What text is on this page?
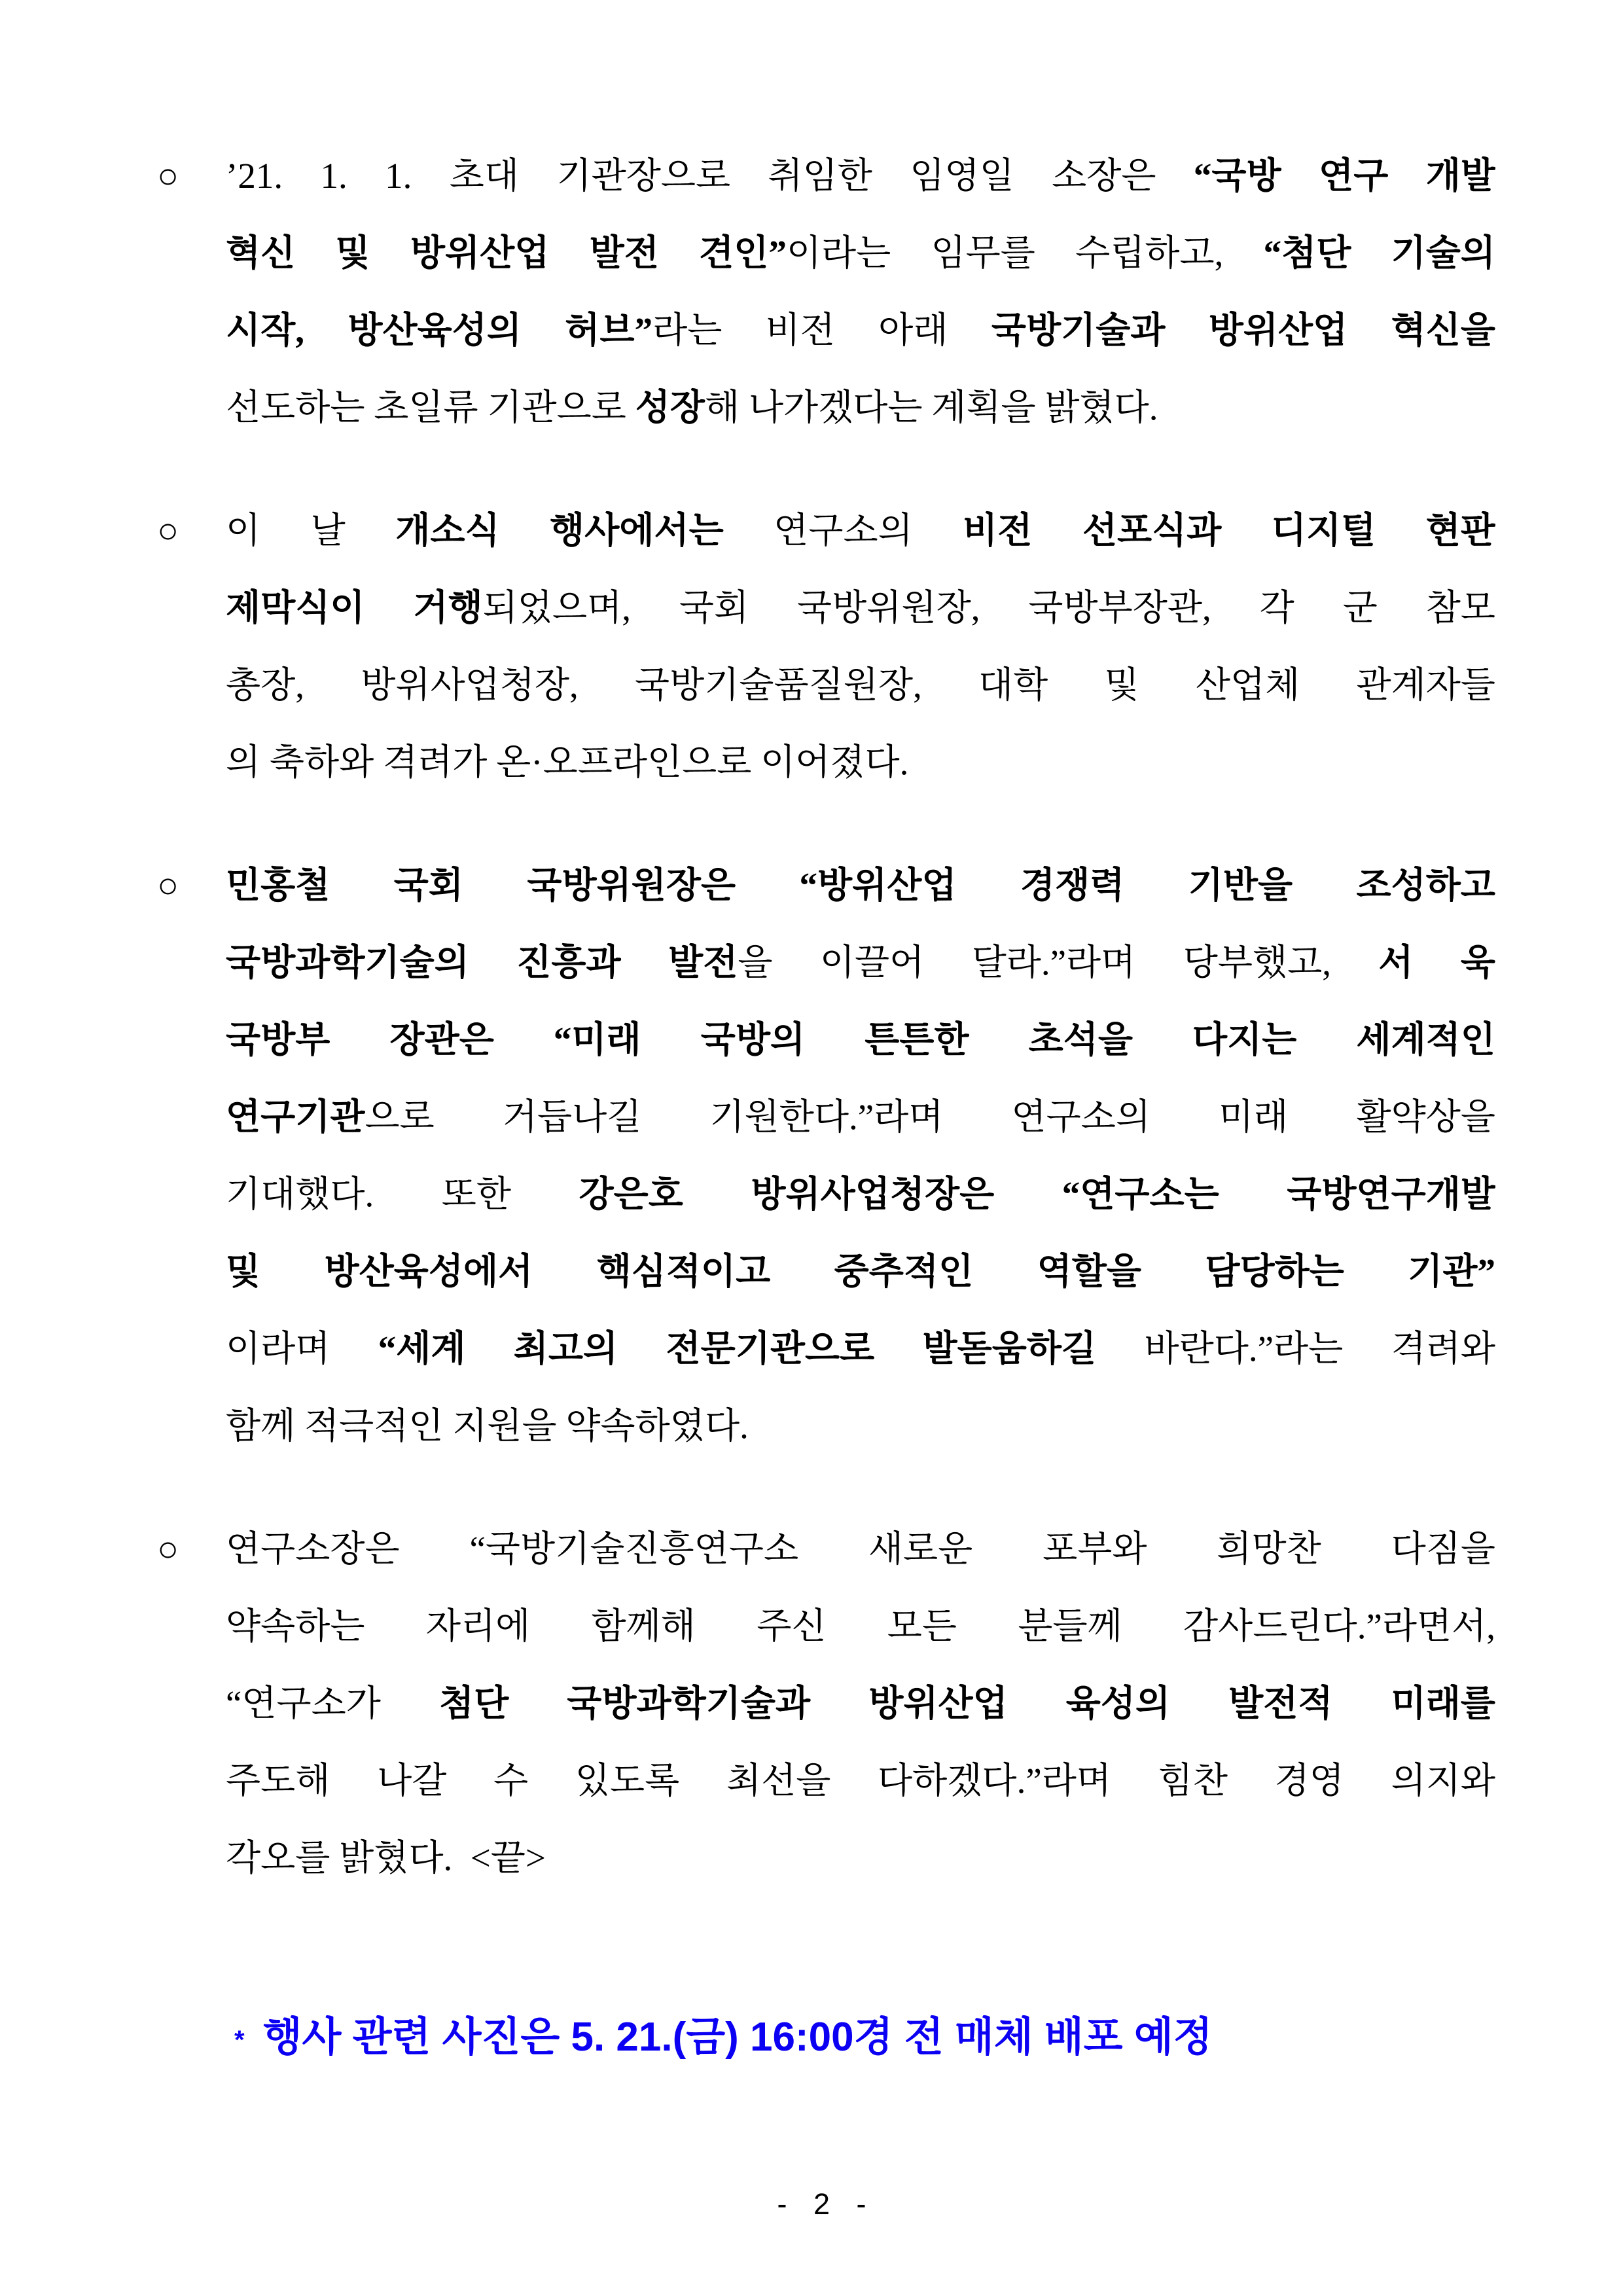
○	’21. 1. 1. 초대 기관장으로 취임한 임영일 소장은 “국방 연구 개발
혁신 및 방위산업 발전 견인”이라는 임무를 수립하고, “첨단 기술의
시작, 방산육성의 허브”라는 비전 아래 국방기술과 방위산업 혁신을
선도하는 초일류 기관으로 성장해 나가겠다는 계획을 밝혔다.
○	이 날 개소식 행사에서는 연구소의 비전 선포식과 디지털 현판
제막식이 거행되었으며, 국회 국방위원장, 국방부장관, 각 군 참모
총장, 방위사업청장, 국방기술품질원장, 대학 및 산업체 관계자들
의 축하와 격려가 온·오프라인으로 이어졌다.
○	민홍철 국회 국방위원장은 “방위산업 경쟁력 기반을 조성하고
국방과학기술의 진흥과 발전을 이끌어 달라.”라며 당부했고, 서 욱
국방부 장관은 “미래 국방의 튼튼한 초석을 다지는 세계적인
연구기관으로 거듭나길 기원한다.”라며 연구소의 미래 활약상을
기대했다. 또한 강은호 방위사업청장은 “연구소는 국방연구개발
및 방산육성에서 핵심적이고 중추적인 역할을 담당하는 기관”
이라며 “세계 최고의 전문기관으로 발돋움하길 바란다.”라는 격려와
함께 적극적인 지원을 약속하였다.
○	연구소장은 “국방기술진흥연구소 새로운 포부와 희망찬 다짐을
약속하는 자리에 함께해 주신 모든 분들께 감사드린다.”라면서,
“연구소가 첨단 국방과학기술과 방위산업 육성의 발전적 미래를
주도해 나갈 수 있도록 최선을 다하겠다.”라며 힘찬 경영 의지와
각오를 밝혔다.  <끝>
* 행사 관련 사진은 5. 21.(금) 16:00경 전 매체 배포 예정
- 2 -
